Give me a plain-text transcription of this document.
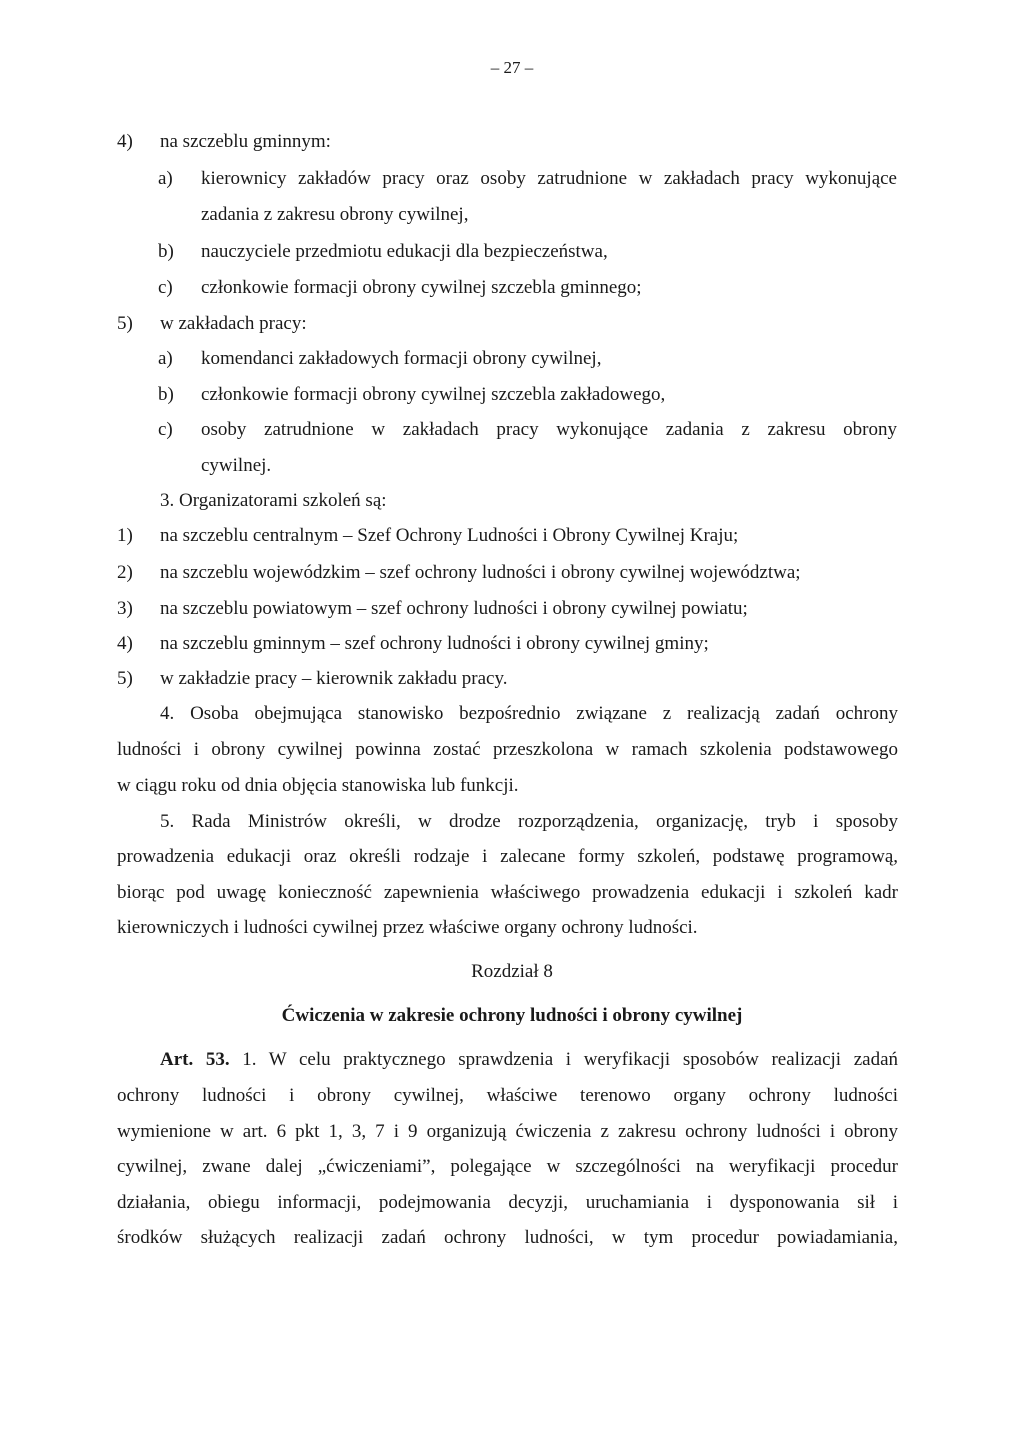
– 27 –
4) na szczeblu gminnym:
a) kierownicy zakładów pracy oraz osoby zatrudnione w zakładach pracy wykonujące
zadania z zakresu obrony cywilnej,
b) nauczyciele przedmiotu edukacji dla bezpieczeństwa,
c) członkowie formacji obrony cywilnej szczebla gminnego;
5) w zakładach pracy:
a) komendanci zakładowych formacji obrony cywilnej,
b) członkowie formacji obrony cywilnej szczebla zakładowego,
c) osoby zatrudnione w zakładach pracy wykonujące zadania z zakresu obrony
cywilnej.
3. Organizatorami szkoleń są:
1) na szczeblu centralnym – Szef Ochrony Ludności i Obrony Cywilnej Kraju;
2) na szczeblu wojewódzkim – szef ochrony ludności i obrony cywilnej województwa;
3) na szczeblu powiatowym – szef ochrony ludności i obrony cywilnej powiatu;
4) na szczeblu gminnym – szef ochrony ludności i obrony cywilnej gminy;
5) w zakładzie pracy – kierownik zakładu pracy.
4. Osoba obejmująca stanowisko bezpośrednio związane z realizacją zadań ochrony
ludności i obrony cywilnej powinna zostać przeszkolona w ramach szkolenia podstawowego
w ciągu roku od dnia objęcia stanowiska lub funkcji.
5. Rada Ministrów określi, w drodze rozporządzenia, organizację, tryb i sposoby
prowadzenia edukacji oraz określi rodzaje i zalecane formy szkoleń, podstawę programową,
biorąc pod uwagę konieczność zapewnienia właściwego prowadzenia edukacji i szkoleń kadr
kierowniczych i ludności cywilnej przez właściwe organy ochrony ludności.
Rozdział 8
Ćwiczenia w zakresie ochrony ludności i obrony cywilnej
Art. 53. 1. W celu praktycznego sprawdzenia i weryfikacji sposobów realizacji zadań
ochrony ludności i obrony cywilnej, właściwe terenowo organy ochrony ludności
wymienione w art. 6 pkt 1, 3, 7 i 9 organizują ćwiczenia z zakresu ochrony ludności i obrony
cywilnej, zwane dalej „ćwiczeniami”, polegające w szczególności na weryfikacji procedur
działania, obiegu informacji, podejmowania decyzji, uruchamiania i dysponowania sił i
środków służących realizacji zadań ochrony ludności, w tym procedur powiadamiania,
